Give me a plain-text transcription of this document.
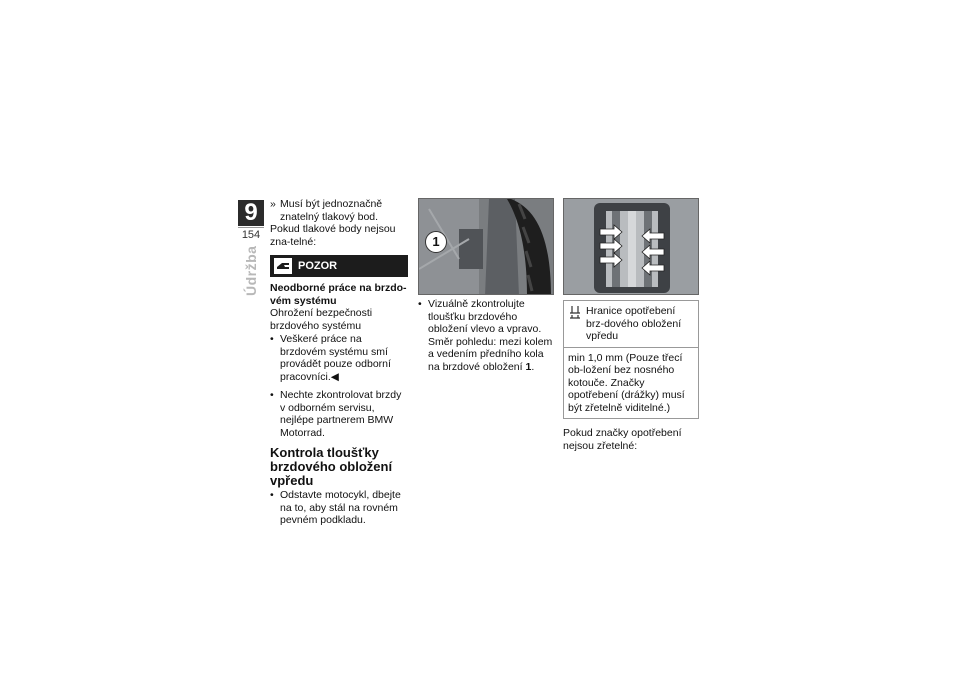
9
154
Údržba
» Musí být jednoznačně znatelný tlakový bod.
Pokud tlakové body nejsou zna-telné:
POZOR
Neodborné práce na brzdo-vém systému
Ohrožení bezpečnosti brzdového systému
• Veškeré práce na brzdovém systému smí provádět pouze odborní pracovníci.◀
• Nechte zkontrolovat brzdy v odborném servisu, nejlépe partnerem BMW Motorrad.
Kontrola tloušťky brzdového obložení vpředu
• Odstavte motocykl, dbejte na to, aby stál na rovném pevném podkladu.
1
• Vizuálně zkontrolujte tloušťku brzdového obložení vlevo a vpravo. Směr pohledu: mezi kolem a vedením předního kola na brzdové obložení 1.
Hranice opotřebení brz-dového obložení vpředu
min 1,0 mm (Pouze třecí ob-ložení bez nosného kotouče. Značky opotřebení (drážky) musí být zřetelně viditelné.)
Pokud značky opotřebení nejsou zřetelné:
